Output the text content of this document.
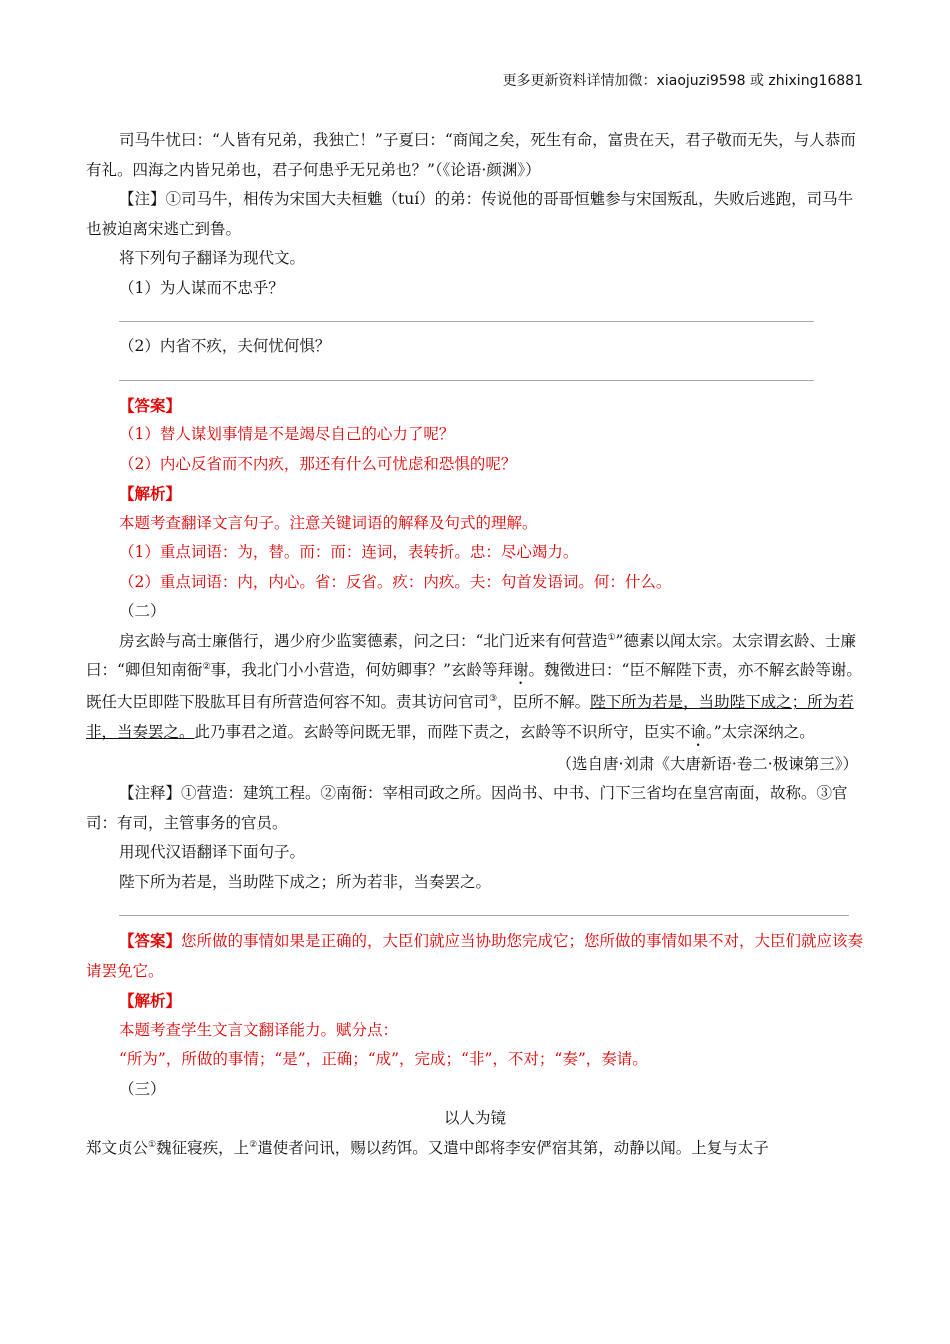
更多更新资料详情加微：xiaojuzi9598 或 zhixing16881

司马牛忧曰：“人皆有兄弟，我独亡！”子夏曰：“商闻之矣，死生有命，富贵在天，君子敬而无失，与人恭而有礼。四海之内皆兄弟也，君子何患乎无兄弟也？”（《论语·颜渊》）

【注】①司马牛，相传为宋国大夫桓魋（tuí）的弟：传说他的哥哥恒魋参与宋国叛乱，失败后逃跑，司马牛也被迫离宋逃亡到鲁。

将下列句子翻译为现代文。

（1）为人谋而不忠乎？

（2）内省不疚，夫何忧何惧？

【答案】

（1）替人谋划事情是不是竭尽自己的心力了呢？

（2）内心反省而不内疚，那还有什么可忧虑和恐惧的呢？

【解析】

本题考查翻译文言句子。注意关键词语的解释及句式的理解。

（1）重点词语：为，替。而：而：连词，表转折。忠：尽心竭力。

（2）重点词语：内，内心。省：反省。疚：内疚。夫：句首发语词。何：什么。

（二）

房玄龄与高士廉偕行，遇少府少监窦德素，问之曰：“北门近来有何营造①”德素以闻太宗。太宗谓玄龄、士廉曰：“卿但知南衙②事，我北门小小营造，何妨卿事？”玄龄等拜谢。魏徵进曰：“臣不解陛下责，亦不解玄龄等谢。既任大臣即陛下股肱耳目有所营造何容不知。责其访问官司③，臣所不解。陛下所为若是，当助陛下成之；所为若非，当奏罢之。此乃事君之道。玄龄等问既无罪，而陛下责之，玄龄等不识所守，臣实不谕。”太宗深纳之。

（选自唐·刘肃《大唐新语·卷二·极谏第三》）

【注释】①营造：建筑工程。②南衙：宰相司政之所。因尚书、中书、门下三省均在皇宫南面，故称。③官司：有司，主管事务的官员。

用现代汉语翻译下面句子。

陛下所为若是，当助陛下成之；所为若非，当奏罢之。

【答案】您所做的事情如果是正确的，大臣们就应当协助您完成它；您所做的事情如果不对，大臣们就应该奏请罢免它。

【解析】

本题考查学生文言文翻译能力。赋分点：

“所为”，所做的事情；“是”，正确；“成”，完成；“非”，不对；“奏”，奏请。

（三）

以人为镜

郑文贞公①魏征寝疾，上②遣使者问讯，赐以药饵。又遣中郎将李安俨宿其第，动静以闻。上复与太子
